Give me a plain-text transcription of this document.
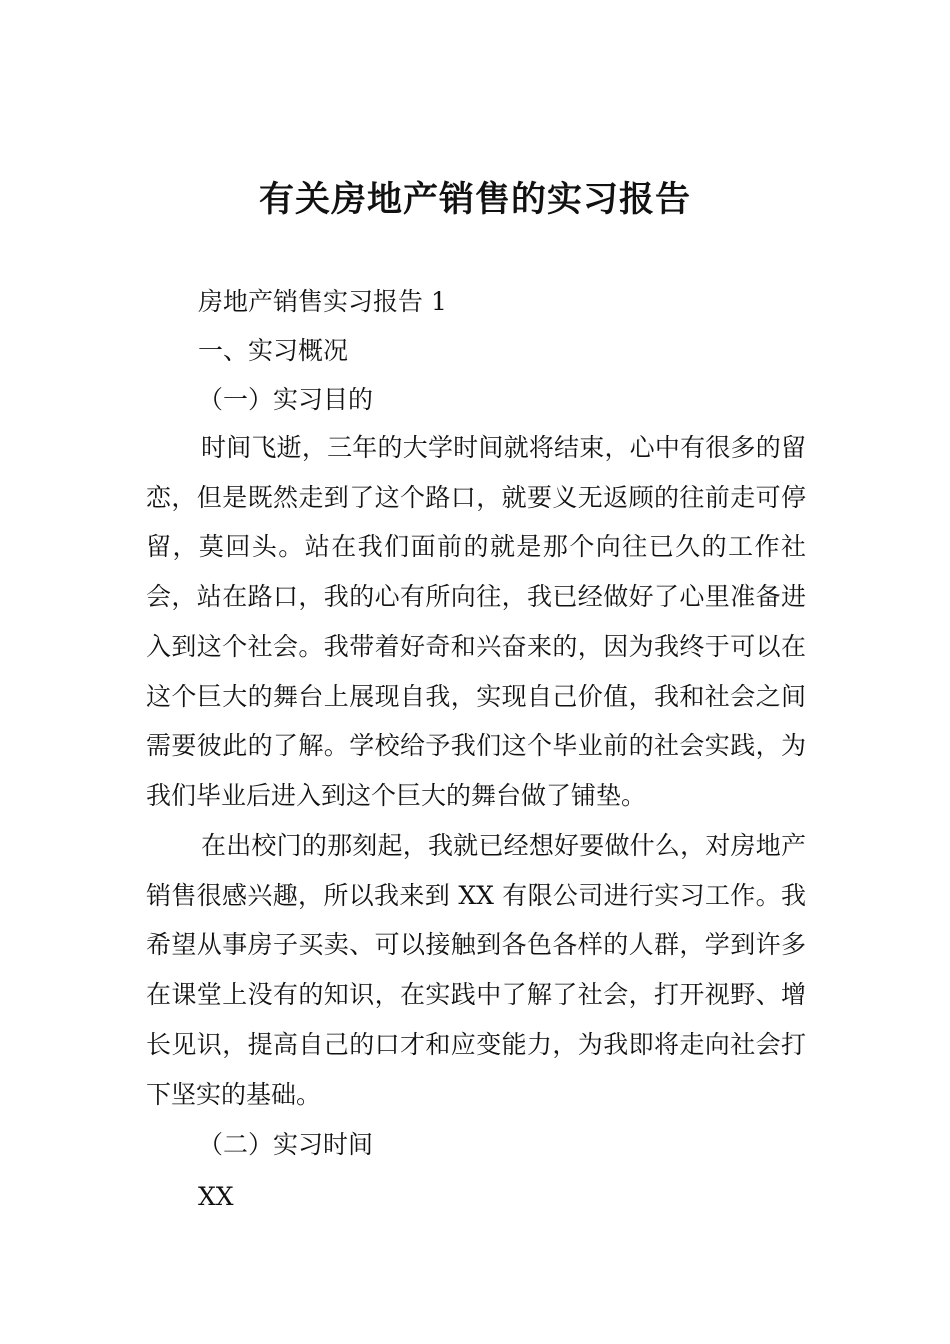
有关房地产销售的实习报告

房地产销售实习报告 1

一、实习概况

（一）实习目的

时间飞逝，三年的大学时间就将结束，心中有很多的留恋，但是既然走到了这个路口，就要义无返顾的往前走可停留，莫回头。站在我们面前的就是那个向往已久的工作社会，站在路口，我的心有所向往，我已经做好了心里准备进入到这个社会。我带着好奇和兴奋来的，因为我终于可以在这个巨大的舞台上展现自我，实现自己价值，我和社会之间需要彼此的了解。学校给予我们这个毕业前的社会实践，为我们毕业后进入到这个巨大的舞台做了铺垫。

在出校门的那刻起，我就已经想好要做什么，对房地产销售很感兴趣，所以我来到 XX 有限公司进行实习工作。我希望从事房子买卖、可以接触到各色各样的人群，学到许多在课堂上没有的知识，在实践中了解了社会，打开视野、增长见识，提高自己的口才和应变能力，为我即将走向社会打下坚实的基础。

（二）实习时间

XX
